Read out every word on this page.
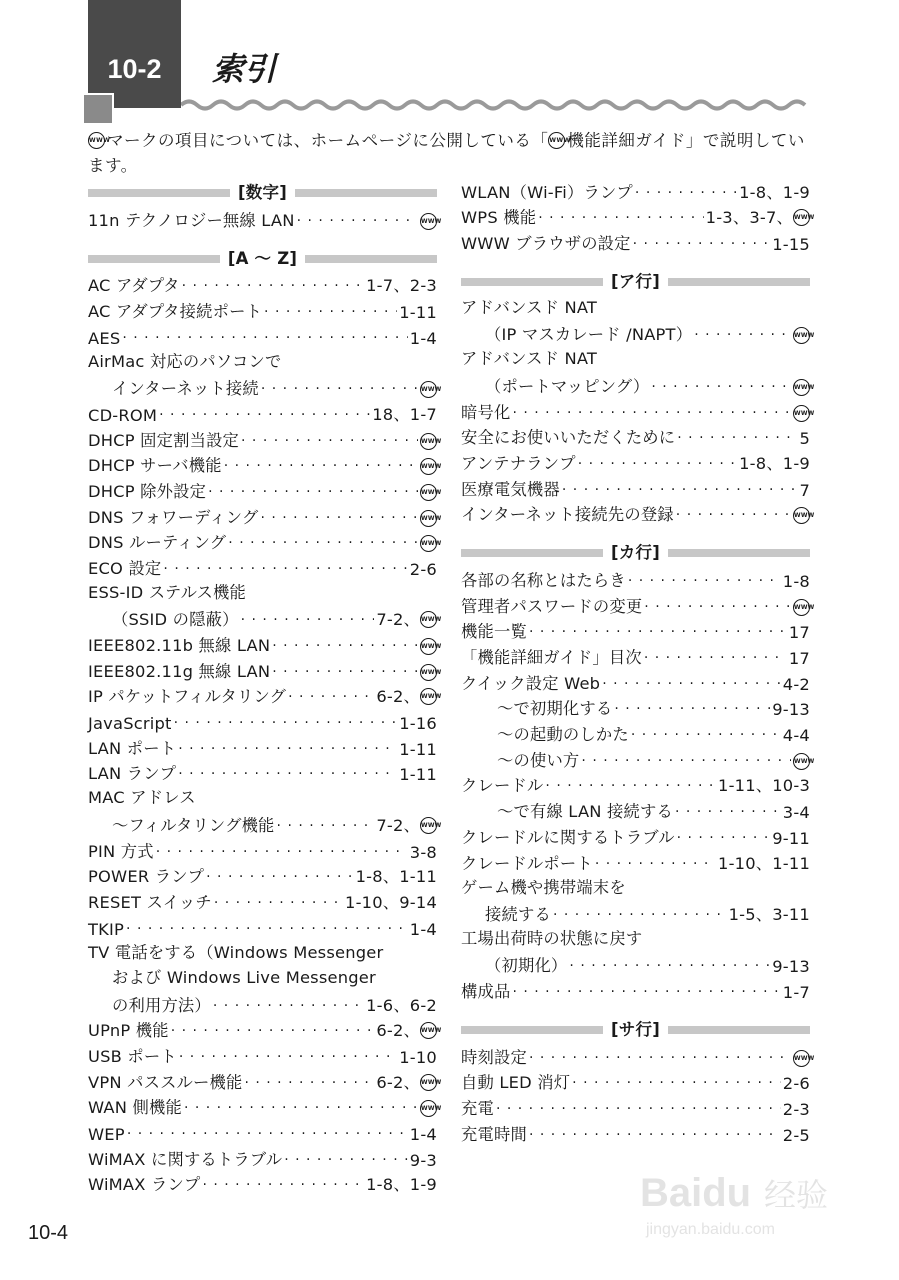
10-2	索引
WWWマークの項目については、ホームページに公開している「WWW機能詳細ガイド」で説明しています。
[数字]
11n テクノロジー無線 LAN · · ·	WWW
[A 〜 Z]
AC アダプタ · · ·	1-7、2-3
AC アダプタ接続ポート · · ·	1-11
AES · · ·	1-4
AirMac 対応のパソコンで
インターネット接続 · · ·	WWW
CD-ROM · · ·	18、1-7
DHCP 固定割当設定 · · ·	WWW
DHCP サーバ機能 · · ·	WWW
DHCP 除外設定 · · ·	WWW
DNS フォワーディング · · ·	WWW
DNS ルーティング · · ·	WWW
ECO 設定 · · ·	2-6
ESS-ID ステルス機能
（SSID の隠蔽） · · ·	7-2、WWW
IEEE802.11b 無線 LAN · · ·	WWW
IEEE802.11g 無線 LAN · · ·	WWW
IP パケットフィルタリング · · ·	6-2、WWW
JavaScript · · ·	1-16
LAN ポート · · ·	1-11
LAN ランプ · · ·	1-11
MAC アドレス
〜フィルタリング機能 · · ·	7-2、WWW
PIN 方式 · · ·	3-8
POWER ランプ · · ·	1-8、1-11
RESET スイッチ · · ·	1-10、9-14
TKIP · · ·	1-4
TV 電話をする（Windows Messenger
および Windows Live Messenger
の利用方法） · · ·	1-6、6-2
UPnP 機能 · · ·	6-2、WWW
USB ポート · · ·	1-10
VPN パススルー機能 · · ·	6-2、WWW
WAN 側機能 · · ·	WWW
WEP · · ·	1-4
WiMAX に関するトラブル · · ·	9-3
WiMAX ランプ · · ·	1-8、1-9
WLAN（Wi-Fi）ランプ · · ·	1-8、1-9
WPS 機能 · · ·	1-3、3-7、WWW
WWW ブラウザの設定 · · ·	1-15
[ア行]
アドバンスド NAT
（IP マスカレード /NAPT） · · ·	WWW
アドバンスド NAT
（ポートマッピング） · · ·	WWW
暗号化 · · ·	WWW
安全にお使いいただくために · · ·	5
アンテナランプ · · ·	1-8、1-9
医療電気機器 · · ·	7
インターネット接続先の登録 · · ·	WWW
[カ行]
各部の名称とはたらき · · ·	1-8
管理者パスワードの変更 · · ·	WWW
機能一覧 · · ·	17
「機能詳細ガイド」目次 · · ·	17
クイック設定 Web · · ·	4-2
〜で初期化する · · ·	9-13
〜の起動のしかた · · ·	4-4
〜の使い方 · · ·	WWW
クレードル · · ·	1-11、10-3
〜で有線 LAN 接続する · · ·	3-4
クレードルに関するトラブル · · ·	9-11
クレードルポート · · ·	1-10、1-11
ゲーム機や携帯端末を
接続する · · ·	1-5、3-11
工場出荷時の状態に戻す
（初期化） · · ·	9-13
構成品 · · ·	1-7
[サ行]
時刻設定 · · ·	WWW
自動 LED 消灯 · · ·	2-6
充電 · · ·	2-3
充電時間 · · ·	2-5
10-4
Baidu 经验
jingyan.baidu.com
